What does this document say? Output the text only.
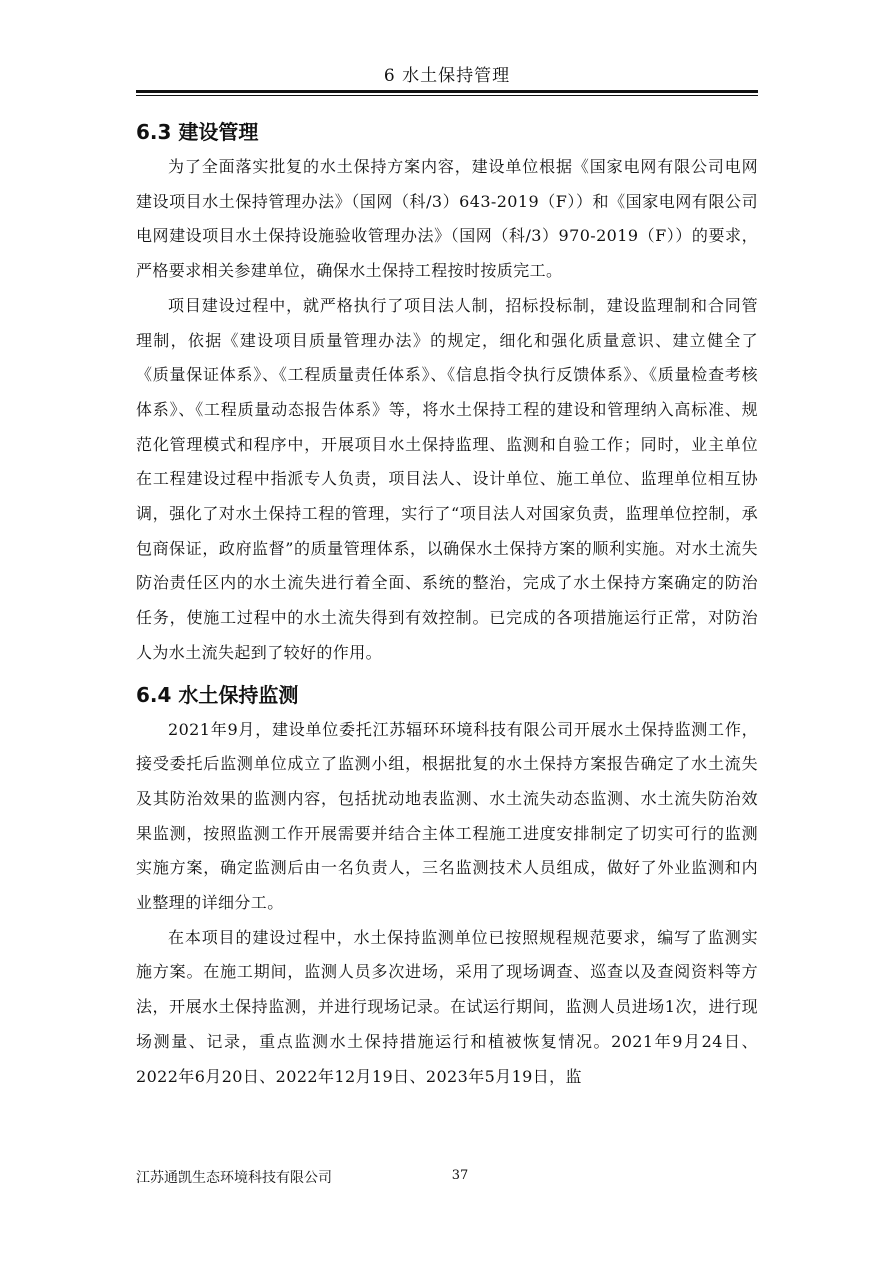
6 水土保持管理
6.3 建设管理

为了全面落实批复的水土保持方案内容，建设单位根据《国家电网有限公司电网建设项目水土保持管理办法》（国网（科/3）643-2019（F））和《国家电网有限公司电网建设项目水土保持设施验收管理办法》（国网（科/3）970-2019（F））的要求，严格要求相关参建单位，确保水土保持工程按时按质完工。

项目建设过程中，就严格执行了项目法人制，招标投标制，建设监理制和合同管理制，依据《建设项目质量管理办法》的规定，细化和强化质量意识、建立健全了《质量保证体系》、《工程质量责任体系》、《信息指令执行反馈体系》、《质量检查考核体系》、《工程质量动态报告体系》等，将水土保持工程的建设和管理纳入高标准、规范化管理模式和程序中，开展项目水土保持监理、监测和自验工作；同时，业主单位在工程建设过程中指派专人负责，项目法人、设计单位、施工单位、监理单位相互协调，强化了对水土保持工程的管理，实行了“项目法人对国家负责，监理单位控制，承包商保证，政府监督”的质量管理体系，以确保水土保持方案的顺利实施。对水土流失防治责任区内的水土流失进行着全面、系统的整治，完成了水土保持方案确定的防治任务，使施工过程中的水土流失得到有效控制。已完成的各项措施运行正常，对防治人为水土流失起到了较好的作用。

6.4 水土保持监测

2021年9月，建设单位委托江苏辐环环境科技有限公司开展水土保持监测工作，接受委托后监测单位成立了监测小组，根据批复的水土保持方案报告确定了水土流失及其防治效果的监测内容，包括扰动地表监测、水土流失动态监测、水土流失防治效果监测，按照监测工作开展需要并结合主体工程施工进度安排制定了切实可行的监测实施方案，确定监测后由一名负责人，三名监测技术人员组成，做好了外业监测和内业整理的详细分工。

在本项目的建设过程中，水土保持监测单位已按照规程规范要求，编写了监测实施方案。在施工期间，监测人员多次进场，采用了现场调查、巡查以及查阅资料等方法，开展水土保持监测，并进行现场记录。在试运行期间，监测人员进场1次，进行现场测量、记录，重点监测水土保持措施运行和植被恢复情况。2021年9月24日、2022年6月20日、2022年12月19日、2023年5月19日，监

江苏通凯生态环境科技有限公司	37
